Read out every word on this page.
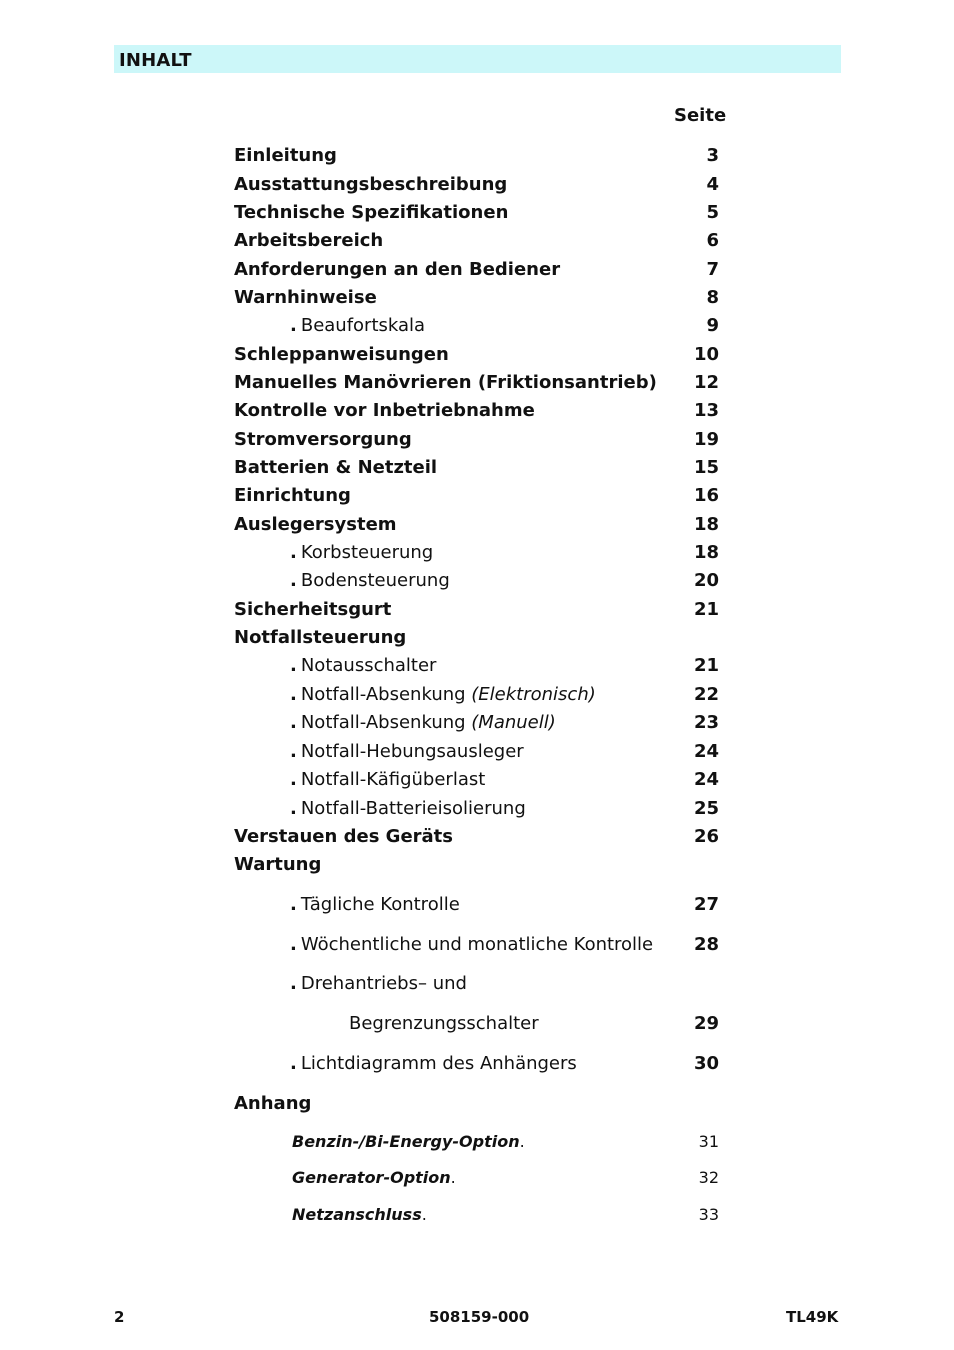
INHALT
Seite
Einleitung	3
Ausstattungsbeschreibung	4
Technische Spezifikationen	5
Arbeitsbereich	6
Anforderungen an den Bediener	7
Warnhinweise	8
. Beaufortskala	9
Schleppanweisungen	10
Manuelles Manövrieren (Friktionsantrieb) 12
Kontrolle vor Inbetriebnahme	13
Stromversorgung	19
Batterien & Netzteil	15
Einrichtung	16
Auslegersystem	18
. Korbsteuerung	18
. Bodensteuerung	20
Sicherheitsgurt	21
Notfallsteuerung
. Notausschalter	21
. Notfall-Absenkung (Elektronisch)	22
. Notfall-Absenkung (Manuell)	23
. Notfall-Hebungsausleger	24
. Notfall-Käfigüberlast	24
. Notfall-Batterieisolierung	25
Verstauen des Geräts	26
Wartung
. Tägliche Kontrolle	27
. Wöchentliche und monatliche Kontrolle 28
. Drehantriebs– und
Begrenzungsschalter	29
. Lichtdiagramm des Anhängers	30
Anhang
Benzin-/Bi-Energy-Option.	31
Generator-Option.	32
Netzanschluss.	33
2	508159-000	TL49K
